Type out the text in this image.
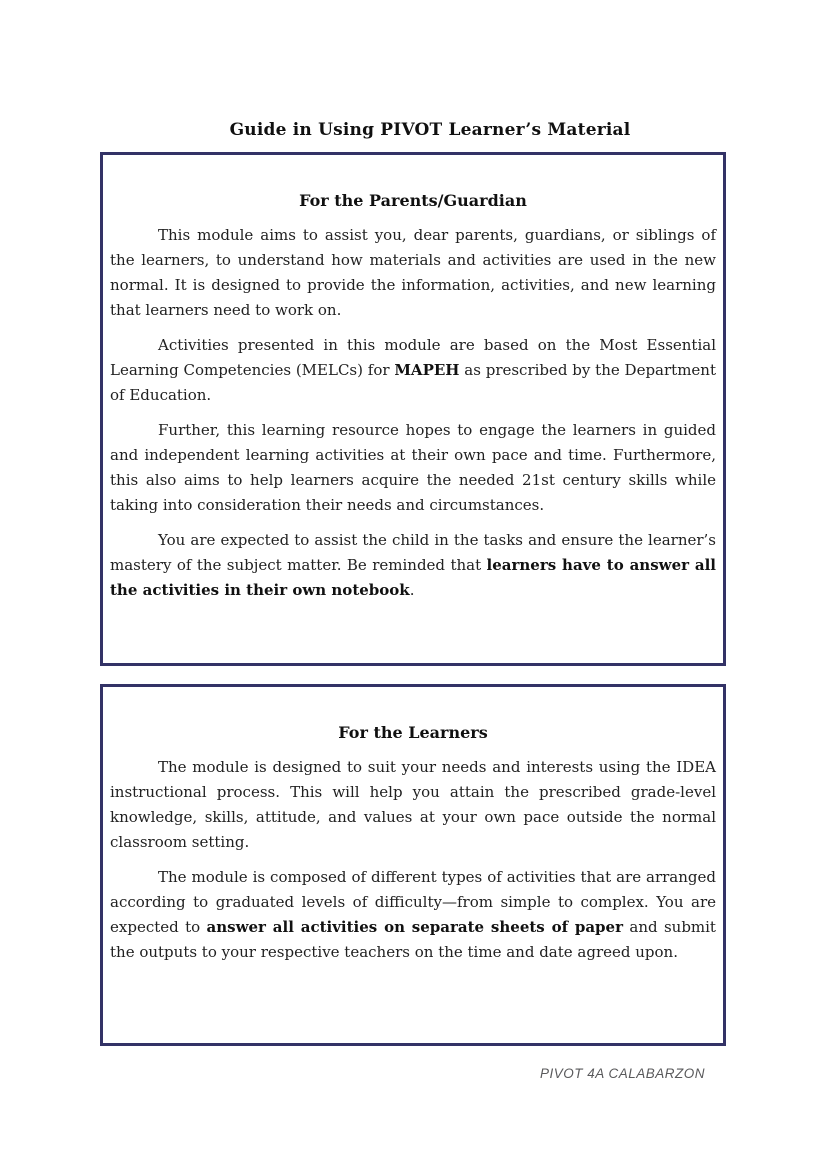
Guide in Using PIVOT Learner’s Material
For the Parents/Guardian

This module aims to assist you, dear parents, guardians, or siblings of the learners, to understand how materials and activities are used in the new normal. It is designed to provide the information, activities, and new learning that learners need to work on.

Activities presented in this module are based on the Most Essential Learning Competencies (MELCs) for MAPEH as prescribed by the Department of Education.

Further, this learning resource hopes to engage the learners in guided and independent learning activities at their own pace and time. Furthermore, this also aims to help learners acquire the needed 21st century skills while taking into consideration their needs and circumstances.

You are expected to assist the child in the tasks and ensure the learner’s mastery of the subject matter. Be reminded that learners have to answer all the activities in their own notebook.

For the Learners

The module is designed to suit your needs and interests using the IDEA instructional process. This will help you attain the prescribed grade-level knowledge, skills, attitude, and values at your own pace outside the normal classroom setting.

The module is composed of different types of activities that are arranged according to graduated levels of difficulty—from simple to complex. You are expected to answer all activities on separate sheets of paper and submit the outputs to your respective teachers on the time and date agreed upon.

PIVOT 4A CALABARZON
